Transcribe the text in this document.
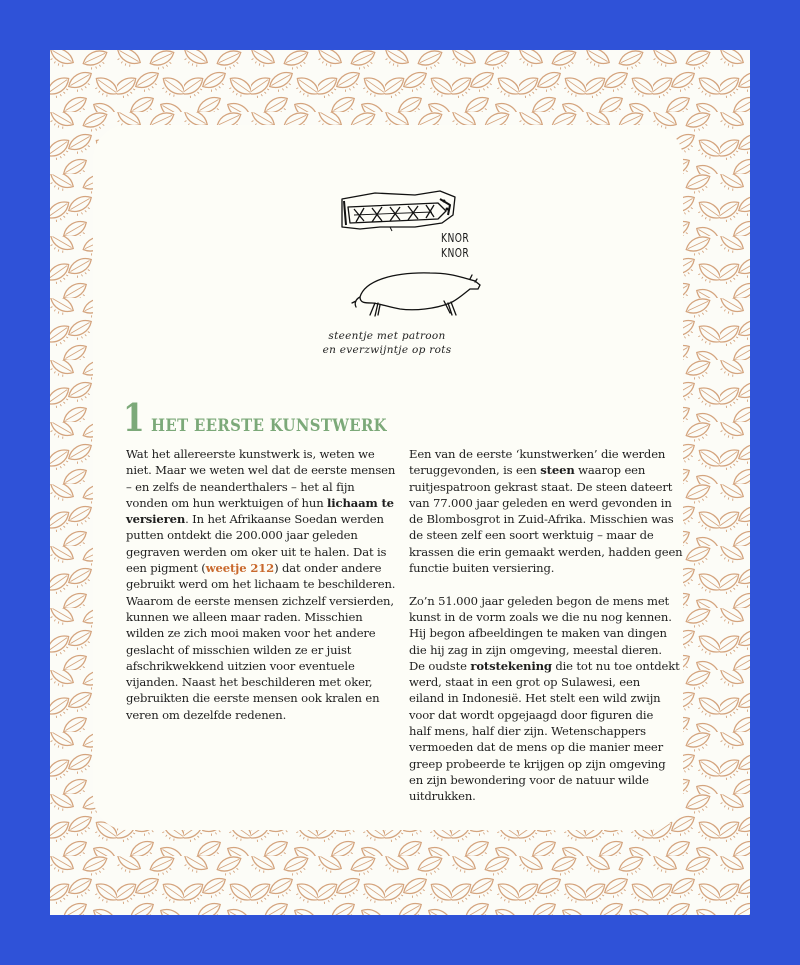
KNOR
KNOR
steentje met patroon
en everzwijntje op rots
1 HET EERSTE KUNSTWERK

Wat het allereerste kunstwerk is, weten we
niet. Maar we weten wel dat de eerste mensen
– en zelfs de neanderthalers – het al fijn
vonden om hun werktuigen of hun lichaam te
versieren. In het Afrikaanse Soedan werden
putten ontdekt die 200.000 jaar geleden
gegraven werden om oker uit te halen. Dat is
een pigment (weetje 212) dat onder andere
gebruikt werd om het lichaam te beschilderen.
Waarom de eerste mensen zichzelf versierden,
kunnen we alleen maar raden. Misschien
wilden ze zich mooi maken voor het andere
geslacht of misschien wilden ze er juist
afschrikwekkend uitzien voor eventuele
vijanden. Naast het beschilderen met oker,
gebruikten die eerste mensen ook kralen en
veren om dezelfde redenen.

Een van de eerste ‘kunstwerken’ die werden
teruggevonden, is een steen waarop een
ruitjespatroon gekrast staat. De steen dateert
van 77.000 jaar geleden en werd gevonden in
de Blombosgrot in Zuid-Afrika. Misschien was
de steen zelf een soort werktuig – maar de
krassen die erin gemaakt werden, hadden geen
functie buiten versiering.

Zo’n 51.000 jaar geleden begon de mens met
kunst in de vorm zoals we die nu nog kennen.
Hij begon afbeeldingen te maken van dingen
die hij zag in zijn omgeving, meestal dieren.
De oudste rotstekening die tot nu toe ontdekt
werd, staat in een grot op Sulawesi, een
eiland in Indonesië. Het stelt een wild zwijn
voor dat wordt opgejaagd door figuren die
half mens, half dier zijn. Wetenschappers
vermoeden dat de mens op die manier meer
greep probeerde te krijgen op zijn omgeving
en zijn bewondering voor de natuur wilde
uitdrukken.
